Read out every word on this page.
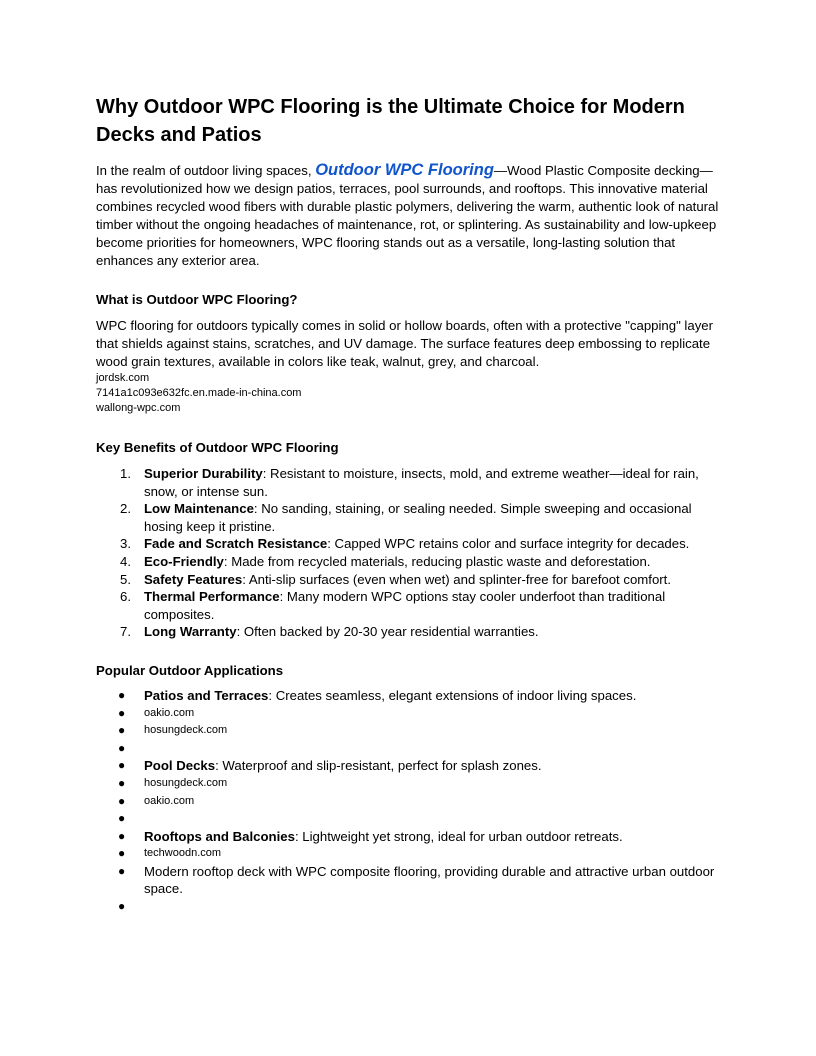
Why Outdoor WPC Flooring is the Ultimate Choice for Modern Decks and Patios

In the realm of outdoor living spaces, Outdoor WPC Flooring—Wood Plastic Composite decking—has revolutionized how we design patios, terraces, pool surrounds, and rooftops. This innovative material combines recycled wood fibers with durable plastic polymers, delivering the warm, authentic look of natural timber without the ongoing headaches of maintenance, rot, or splintering. As sustainability and low-upkeep become priorities for homeowners, WPC flooring stands out as a versatile, long-lasting solution that enhances any exterior area.

What is Outdoor WPC Flooring?

WPC flooring for outdoors typically comes in solid or hollow boards, often with a protective "capping" layer that shields against stains, scratches, and UV damage. The surface features deep embossing to replicate wood grain textures, available in colors like teak, walnut, grey, and charcoal.

jordsk.com
7141a1c093e632fc.en.made-in-china.com
wallong-wpc.com
Key Benefits of Outdoor WPC Flooring
1. Superior Durability: Resistant to moisture, insects, mold, and extreme weather—ideal for rain, snow, or intense sun.
2. Low Maintenance: No sanding, staining, or sealing needed. Simple sweeping and occasional hosing keep it pristine.
3. Fade and Scratch Resistance: Capped WPC retains color and surface integrity for decades.
4. Eco-Friendly: Made from recycled materials, reducing plastic waste and deforestation.
5. Safety Features: Anti-slip surfaces (even when wet) and splinter-free for barefoot comfort.
6. Thermal Performance: Many modern WPC options stay cooler underfoot than traditional composites.
7. Long Warranty: Often backed by 20-30 year residential warranties.
Popular Outdoor Applications
● Patios and Terraces: Creates seamless, elegant extensions of indoor living spaces.
● oakio.com
● hosungdeck.com
●
● Pool Decks: Waterproof and slip-resistant, perfect for splash zones.
● hosungdeck.com
● oakio.com
●
● Rooftops and Balconies: Lightweight yet strong, ideal for urban outdoor retreats.
● techwoodn.com
● Modern rooftop deck with WPC composite flooring, providing durable and attractive urban outdoor space.
●
